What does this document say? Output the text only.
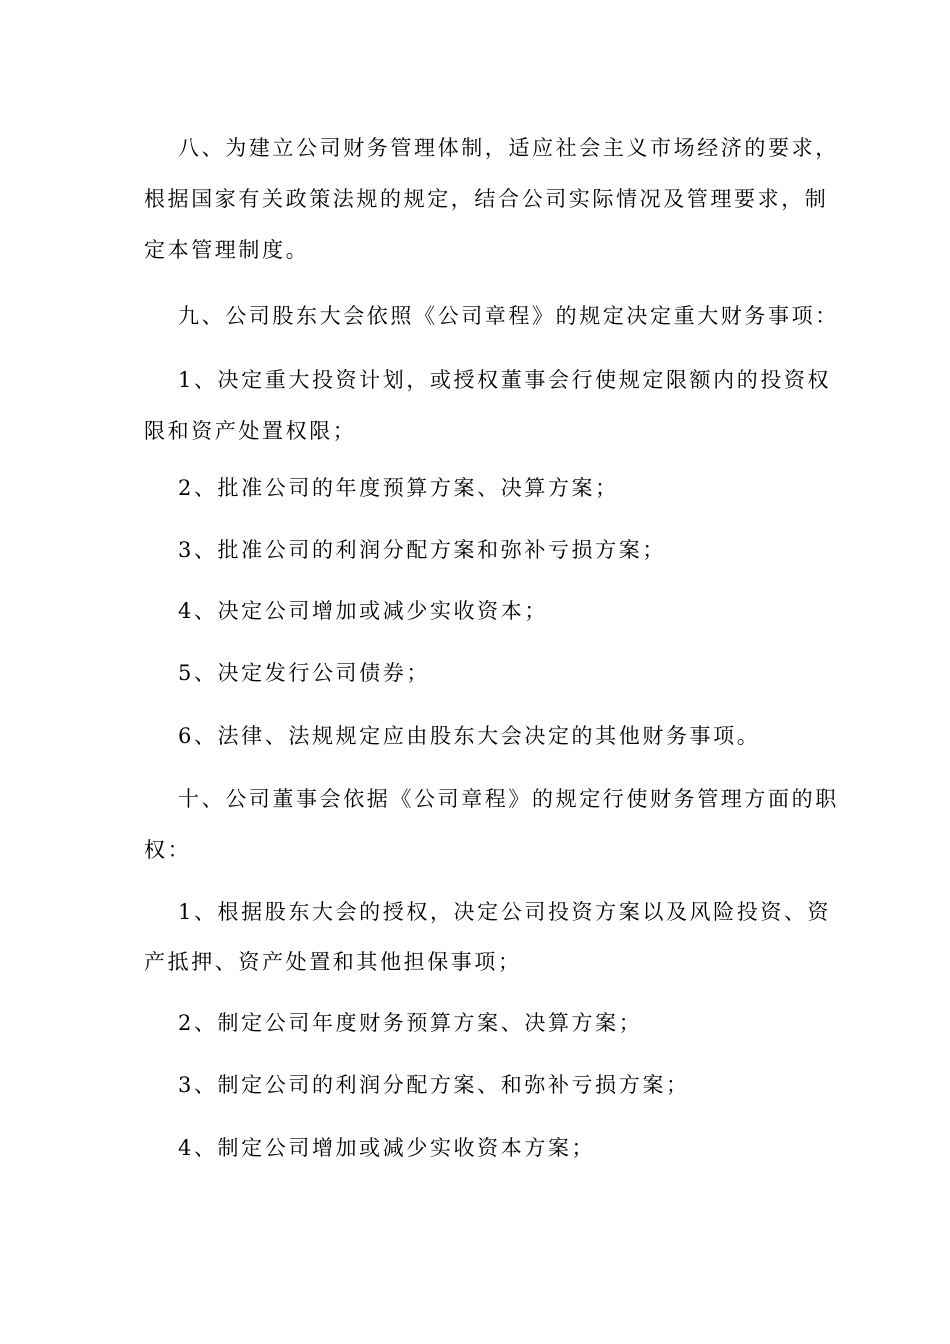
八、为建立公司财务管理体制，适应社会主义市场经济的要求，
根据国家有关政策法规的规定，结合公司实际情况及管理要求，制
定本管理制度。
九、公司股东大会依照《公司章程》的规定决定重大财务事项：
1、决定重大投资计划，或授权董事会行使规定限额内的投资权
限和资产处置权限；
2、批准公司的年度预算方案、决算方案；
3、批准公司的利润分配方案和弥补亏损方案；
4、决定公司增加或减少实收资本；
5、决定发行公司债券；
6、法律、法规规定应由股东大会决定的其他财务事项。
十、公司董事会依据《公司章程》的规定行使财务管理方面的职
权：
1、根据股东大会的授权，决定公司投资方案以及风险投资、资
产抵押、资产处置和其他担保事项；
2、制定公司年度财务预算方案、决算方案；
3、制定公司的利润分配方案、和弥补亏损方案；
4、制定公司增加或减少实收资本方案；
